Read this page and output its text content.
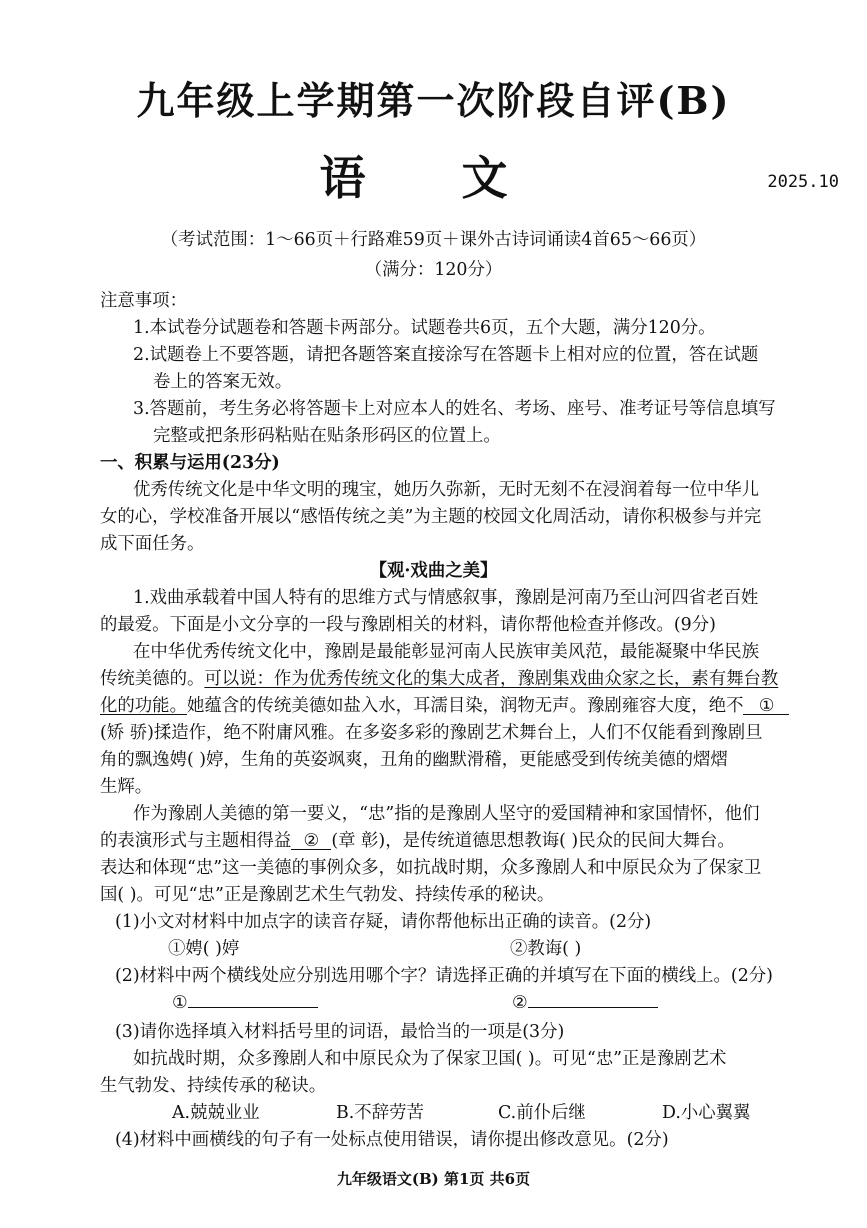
九年级上学期第一次阶段自评(B)
语 文	2025.10
（考试范围：1～66页＋行路难59页＋课外古诗词诵读4首65～66页）
（满分：120分）
注意事项：
1.本试卷分试题卷和答题卡两部分。试题卷共6页，五个大题，满分120分。
2.试题卷上不要答题，请把各题答案直接涂写在答题卡上相对应的位置，答在试题
卷上的答案无效。
3.答题前，考生务必将答题卡上对应本人的姓名、考场、座号、准考证号等信息填写
完整或把条形码粘贴在贴条形码区的位置上。
一、积累与运用(23分)
优秀传统文化是中华文明的瑰宝，她历久弥新，无时无刻不在浸润着每一位中华儿
女的心，学校准备开展以“感悟传统之美”为主题的校园文化周活动，请你积极参与并完
成下面任务。
【观·戏曲之美】
1.戏曲承载着中国人特有的思维方式与情感叙事，豫剧是河南乃至山河四省老百姓
的最爱。下面是小文分享的一段与豫剧相关的材料，请你帮他检查并修改。(9分)
在中华优秀传统文化中，豫剧是最能彰显河南人民族审美风范，最能凝聚中华民族
传统美德的。可以说：作为优秀传统文化的集大成者，豫剧集戏曲众家之长，素有舞台教
化的功能。她蕴含的传统美德如盐入水，耳濡目染，润物无声。豫剧雍容大度，绝不 ①
(矫 骄)揉造作，绝不附庸风雅。在多姿多彩的豫剧艺术舞台上，人们不仅能看到豫剧旦
角的飘逸娉( )婷，生角的英姿飒爽，丑角的幽默滑稽，更能感受到传统美德的熠熠
生辉。
作为豫剧人美德的第一要义，“忠”指的是豫剧人坚守的爱国精神和家国情怀，他们
的表演形式与主题相得益 ② (章 彰)，是传统道德思想教诲( )民众的民间大舞台。
表达和体现“忠”这一美德的事例众多，如抗战时期，众多豫剧人和中原民众为了保家卫
国( )。可见“忠”正是豫剧艺术生气勃发、持续传承的秘诀。
(1)小文对材料中加点字的读音存疑，请你帮他标出正确的读音。(2分)
①娉( )婷	②教诲( )
(2)材料中两个横线处应分别选用哪个字？请选择正确的并填写在下面的横线上。(2分)
①	②
(3)请你选择填入材料括号里的词语，最恰当的一项是(3分)
如抗战时期，众多豫剧人和中原民众为了保家卫国( )。可见“忠”正是豫剧艺术
生气勃发、持续传承的秘诀。
A.兢兢业业	B.不辞劳苦	C.前仆后继	D.小心翼翼
(4)材料中画横线的句子有一处标点使用错误，请你提出修改意见。(2分)
九年级语文(B) 第1页 共6页
